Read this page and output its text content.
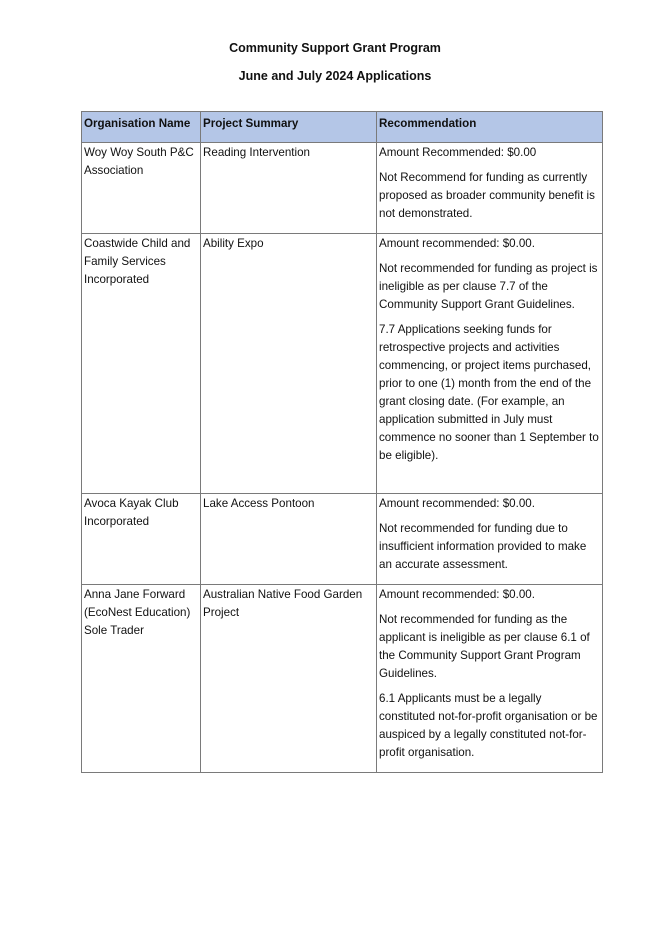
Community Support Grant Program
June and July 2024 Applications
Organisation Name	Project Summary	Recommendation
Woy Woy South P&C Association	Reading Intervention	Amount Recommended: $0.00

Not Recommend for funding as currently proposed as broader community benefit is not demonstrated.

Coastwide Child and Family Services Incorporated	Ability Expo	Amount recommended: $0.00.

Not recommended for funding as project is ineligible as per clause 7.7 of the Community Support Grant Guidelines.

7.7 Applications seeking funds for retrospective projects and activities commencing, or project items purchased, prior to one (1) month from the end of the grant closing date. (For example, an application submitted in July must commence no sooner than 1 September to be eligible).

Avoca Kayak Club Incorporated	Lake Access Pontoon	Amount recommended: $0.00.

Not recommended for funding due to insufficient information provided to make an accurate assessment.

Anna Jane Forward (EcoNest Education) Sole Trader	Australian Native Food Garden Project	Amount recommended: $0.00.

Not recommended for funding as the applicant is ineligible as per clause 6.1 of the Community Support Grant Program Guidelines.

6.1 Applicants must be a legally constituted not-for-profit organisation or be auspiced by a legally constituted not-for-profit organisation.
